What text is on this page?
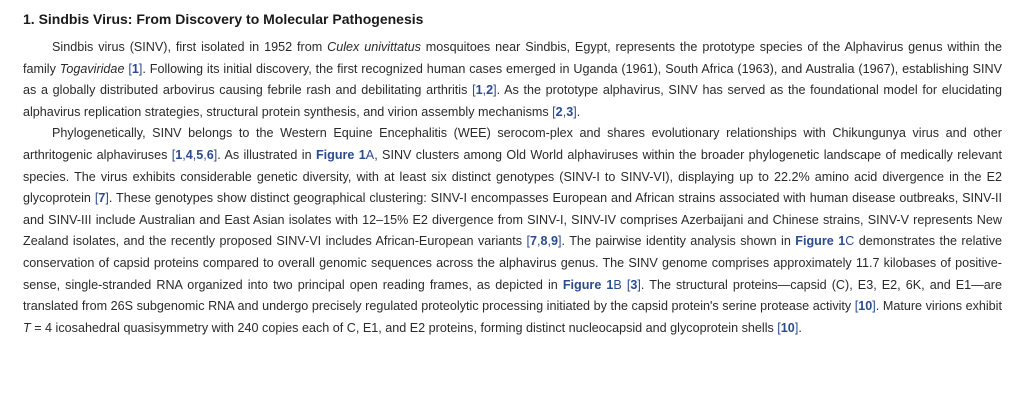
1. Sindbis Virus: From Discovery to Molecular Pathogenesis

Sindbis virus (SINV), first isolated in 1952 from Culex univittatus mosquitoes near Sindbis, Egypt, represents the prototype species of the Alphavirus genus within the family Togaviridae [1]. Following its initial discovery, the first recognized human cases emerged in Uganda (1961), South Africa (1963), and Australia (1967), establishing SINV as a globally distributed arbovirus causing febrile rash and debilitating arthritis [1,2]. As the prototype alphavirus, SINV has served as the foundational model for elucidating alphavirus replication strategies, structural protein synthesis, and virion assembly mechanisms [2,3].

Phylogenetically, SINV belongs to the Western Equine Encephalitis (WEE) serocom-plex and shares evolutionary relationships with Chikungunya virus and other arthritogenic alphaviruses [1,4,5,6]. As illustrated in Figure 1A, SINV clusters among Old World alphaviruses within the broader phylogenetic landscape of medically relevant species. The virus exhibits considerable genetic diversity, with at least six distinct genotypes (SINV-I to SINV-VI), displaying up to 22.2% amino acid divergence in the E2 glycoprotein [7]. These genotypes show distinct geographical clustering: SINV-I encompasses European and African strains associated with human disease outbreaks, SINV-II and SINV-III include Australian and East Asian isolates with 12–15% E2 divergence from SINV-I, SINV-IV comprises Azerbaijani and Chinese strains, SINV-V represents New Zealand isolates, and the recently proposed SINV-VI includes African-European variants [7,8,9]. The pairwise identity analysis shown in Figure 1C demonstrates the relative conservation of capsid proteins compared to overall genomic sequences across the alphavirus genus. The SINV genome comprises approximately 11.7 kilobases of positive-sense, single-stranded RNA organized into two principal open reading frames, as depicted in Figure 1B [3]. The structural proteins—capsid (C), E3, E2, 6K, and E1—are translated from 26S subgenomic RNA and undergo precisely regulated proteolytic processing initiated by the capsid protein's serine protease activity [10]. Mature virions exhibit T = 4 icosahedral quasisymmetry with 240 copies each of C, E1, and E2 proteins, forming distinct nucleocapsid and glycoprotein shells [10].
